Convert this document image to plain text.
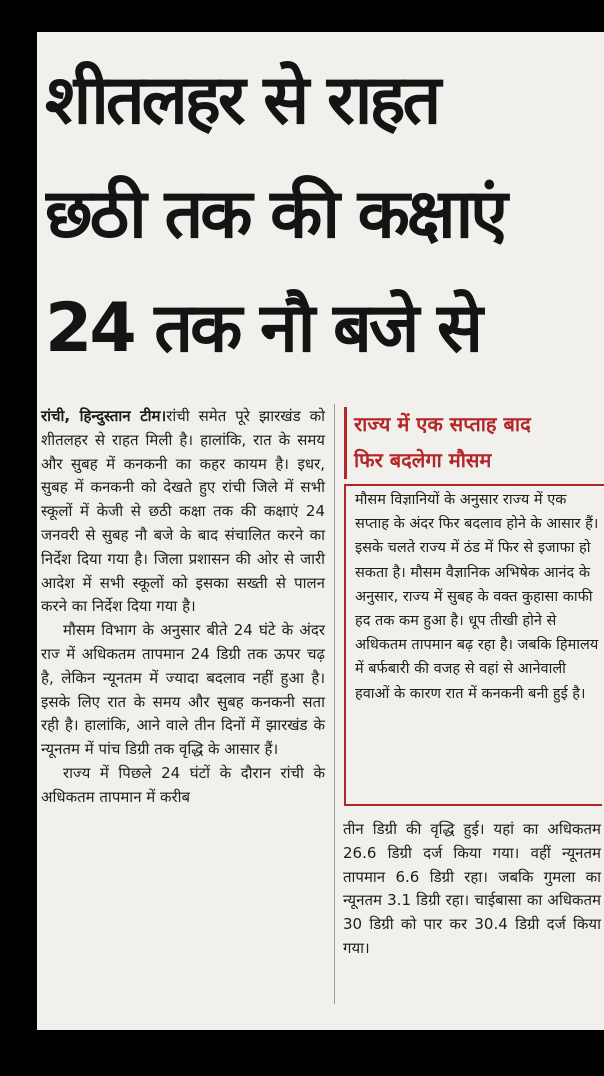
शीतलहर से राहत
छठी तक की कक्षाएं
24 तक नौ बजे से

रांची, हिन्दुस्तान टीम।रांची समेत पूरे झारखंड को शीतलहर से राहत मिली है। हालांकि, रात के समय और सुबह में कनकनी का कहर कायम है। इधर, सुबह में कनकनी को देखते हुए रांची जिले में सभी स्कूलों में केजी से छठी कक्षा तक की कक्षाएं 24 जनवरी से सुबह नौ बजे के बाद संचालित करने का निर्देश दिया गया है। जिला प्रशासन की ओर से जारी आदेश में सभी स्कूलों को इसका सख्ती से पालन करने का निर्देश दिया गया है।

मौसम विभाग के अनुसार बीते 24 घंटे के अंदर राज्‍ में अधिकतम तापमान 24 डिग्री तक ऊपर चढ़ है, लेकिन न्यूनतम में ज्यादा बदलाव नहीं हुआ है। इसके लिए रात के समय और सुबह कनकनी सता रही है। हालांकि, आने वाले तीन दिनों में झारखंड के न्यूनतम में पांच डिग्री तक वृद्धि के आसार हैं।

राज्य में पिछले 24 घंटों के दौरान रांची के अधिकतम तापमान में करीब

राज्य में एक सप्ताह बाद
फिर बदलेगा मौसम

मौसम विज्ञानियों के अनुसार राज्य में एक सप्ताह के अंदर फिर बदलाव होने के आसार हैं। इसके चलते राज्य में ठंड में फिर से इजाफा हो सकता है। मौसम वैज्ञानिक अभिषेक आनंद के अनुसार, राज्य में सुबह के वक्त कुहासा काफी हद तक कम हुआ है। धूप तीखी होने से अधिकतम तापमान बढ़ रहा है। जबकि हिमालय में बर्फबारी की वजह से वहां से आनेवाली हवाओं के कारण रात में कनकनी बनी हुई है।

तीन डिग्री की वृद्धि हुई। यहां का अधिकतम 26.6 डिग्री दर्ज किया गया। वहीं न्यूनतम तापमान 6.6 डिग्री रहा। जबकि गुमला का न्यूनतम 3.1 डिग्री रहा। चाईबासा का अधिकतम 30 डिग्री को पार कर 30.4 डिग्री दर्ज किया गया।
